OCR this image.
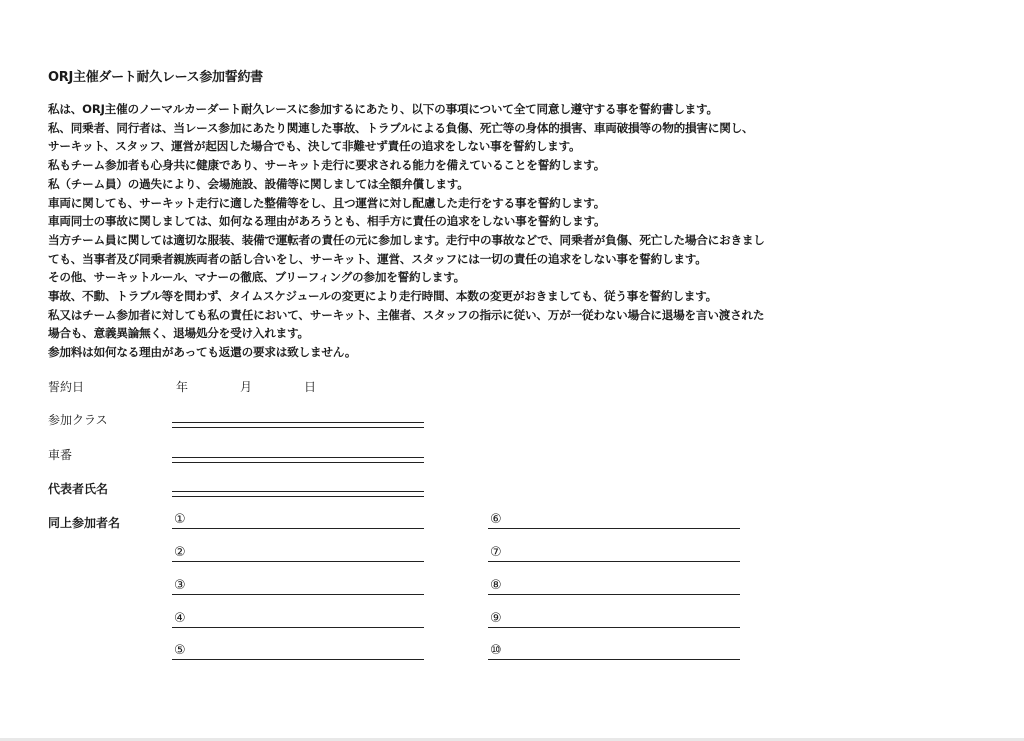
ORJ主催ダート耐久レース参加誓約書
私は、ORJ主催のノーマルカーダート耐久レースに参加するにあたり、以下の事項について全て同意し遵守する事を誓約書します。
私、同乗者、同行者は、当レース参加にあたり関連した事故、トラブルによる負傷、死亡等の身体的損害、車両破損等の物的損害に関し、
サーキット、スタッフ、運営が起因した場合でも、決して非難せず責任の追求をしない事を誓約します。
私もチーム参加者も心身共に健康であり、サーキット走行に要求される能力を備えていることを誓約します。
私（チーム員）の過失により、会場施設、設備等に関しましては全額弁償します。
車両に関しても、サーキット走行に適した整備等をし、且つ運営に対し配慮した走行をする事を誓約します。
車両同士の事故に関しましては、如何なる理由があろうとも、相手方に責任の追求をしない事を誓約します。
当方チーム員に関しては適切な服装、装備で運転者の責任の元に参加します。走行中の事故などで、同乗者が負傷、死亡した場合におきまし
ても、当事者及び同乗者親族両者の話し合いをし、サーキット、運営、スタッフには一切の責任の追求をしない事を誓約します。
その他、サーキットルール、マナーの徹底、ブリーフィングの参加を誓約します。
事故、不動、トラブル等を問わず、タイムスケジュールの変更により走行時間、本数の変更がおきましても、従う事を誓約します。
私又はチーム参加者に対しても私の責任において、サーキット、主催者、スタッフの指示に従い、万が一従わない場合に退場を言い渡された
場合も、意義異論無く、退場処分を受け入れます。
参加料は如何なる理由があっても返還の要求は致しません。
誓約日	年	月	日
参加クラス
車番
代表者氏名
同上参加者名	①
②
③
④
⑤
⑥
⑦
⑧
⑨
⑩
